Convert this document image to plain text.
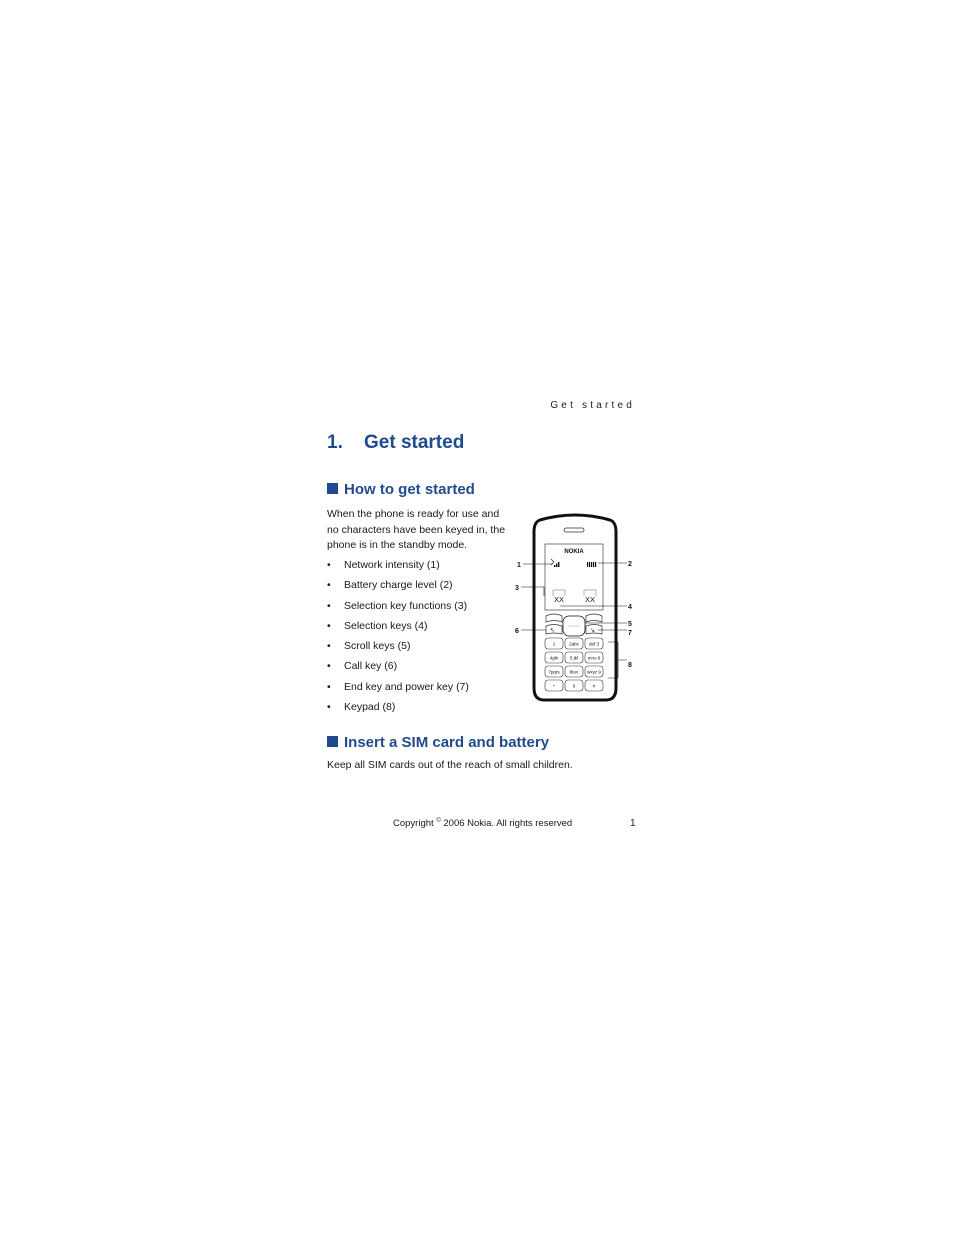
Get started
1. Get started
How to get started

When the phone is ready for use and no characters have been keyed in, the phone is in the standby mode.

• Network intensity (1)
• Battery charge level (2)
• Selection key functions (3)
• Selection keys (4)
• Scroll keys (5)
• Call key (6)
• End key and power key (7)
• Keypad (8)
NOKIA
XX	XX
↖	↘
1	2abc def 3
4ghi	5 jkl mno 6
7pqrs 8tuv wxyz 9
*	0	#
1	2
3
4
5
6	7
8
Insert a SIM card and battery

Keep all SIM cards out of the reach of small children.

Copyright © 2006 Nokia. All rights reserved	1
